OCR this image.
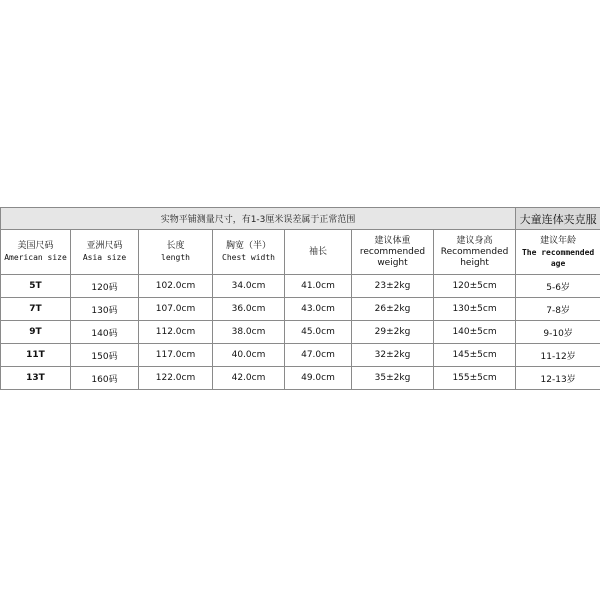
实物平铺测量尺寸，有1-3厘米误差属于正常范围							大童连体夹克服

美国尺码
American size	亚洲尺码
Asia size	长度
length	胸宽（半）
Chest width	袖长	建议体重
recommended
weight	建议身高
Recommended
height	建议年龄
The recommended
age

5T	120码	102.0cm	34.0cm	41.0cm	23±2kg	120±5cm	5-6岁
7T	130码	107.0cm	36.0cm	43.0cm	26±2kg	130±5cm	7-8岁
9T	140码	112.0cm	38.0cm	45.0cm	29±2kg	140±5cm	9-10岁
11T	150码	117.0cm	40.0cm	47.0cm	32±2kg	145±5cm	11-12岁
13T	160码	122.0cm	42.0cm	49.0cm	35±2kg	155±5cm	12-13岁
